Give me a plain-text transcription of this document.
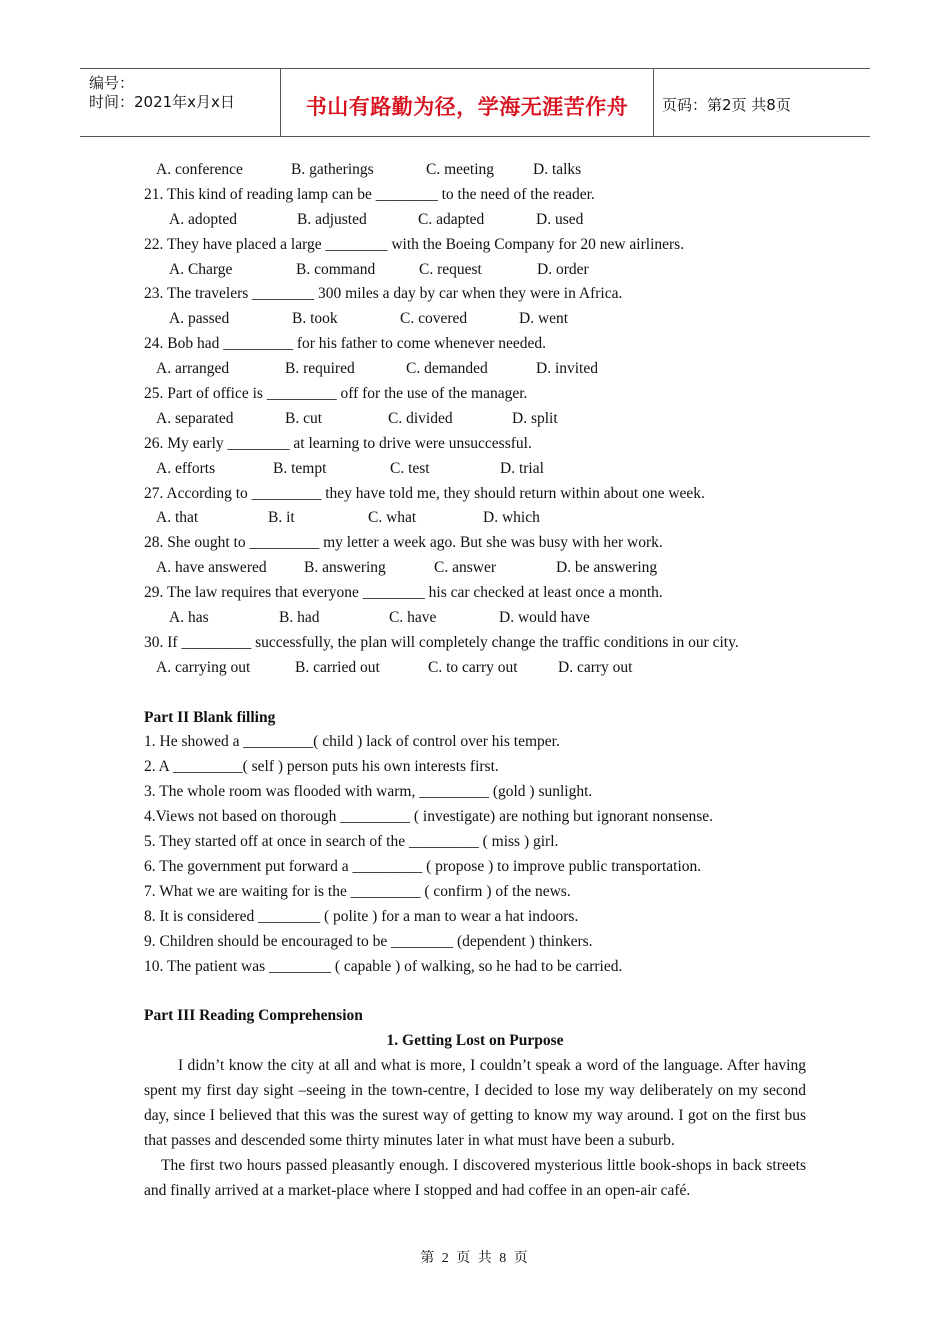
编号：
时间：2021年x月x日	书山有路勤为径，学海无涯苦作舟	页码：第2页 共8页
A. conference	B. gatherings	C. meeting	D. talks
21. This kind of reading lamp can be ________ to the need of the reader.
A. adopted	B. adjusted	C. adapted	D. used
22. They have placed a large ________ with the Boeing Company for 20 new airliners.
A. Charge	B. command	C. request	D. order
23. The travelers ________ 300 miles a day by car when they were in Africa.
A. passed	B. took	C. covered	D. went
24. Bob had _________ for his father to come whenever needed.
A. arranged	B. required	C. demanded	D. invited
25. Part of office is _________ off for the use of the manager.
A. separated	B. cut	C. divided	D. split
26. My early ________ at learning to drive were unsuccessful.
A. efforts	B. tempt	C. test	D. trial
27. According to _________ they have told me, they should return within about one week.
A. that	B. it	C. what	D. which
28. She ought to _________ my letter a week ago. But she was busy with her work.
A. have answered B. answering	C. answer	D. be answering
29. The law requires that everyone ________ his car checked at least once a month.
A. has	B. had	C. have	D. would have
30. If _________ successfully, the plan will completely change the traffic conditions in our city.
A. carrying out	B. carried out	C. to carry out	D. carry out
Part II Blank filling
1. He showed a _________( child ) lack of control over his temper.
2. A _________( self ) person puts his own interests first.
3. The whole room was flooded with warm, _________ (gold ) sunlight.
4.Views not based on thorough _________ ( investigate) are nothing but ignorant nonsense.
5. They started off at once in search of the _________ ( miss ) girl.
6. The government put forward a _________ ( propose ) to improve public transportation.
7. What we are waiting for is the _________ ( confirm ) of the news.
8. It is considered ________ ( polite ) for a man to wear a hat indoors.
9. Children should be encouraged to be ________ (dependent ) thinkers.
10. The patient was ________ ( capable ) of walking, so he had to be carried.
Part III Reading Comprehension
1. Getting Lost on Purpose
I didn’t know the city at all and what is more, I couldn’t speak a word of the language. After having spent my first day sight –seeing in the town-centre, I decided to lose my way deliberately on my second day, since I believed that this was the surest way of getting to know my way around. I got on the first bus that passes and descended some thirty minutes later in what must have been a suburb.
The first two hours passed pleasantly enough. I discovered mysterious little book-shops in back streets and finally arrived at a market-place where I stopped and had coffee in an open-air café.
第 2 页 共 8 页
